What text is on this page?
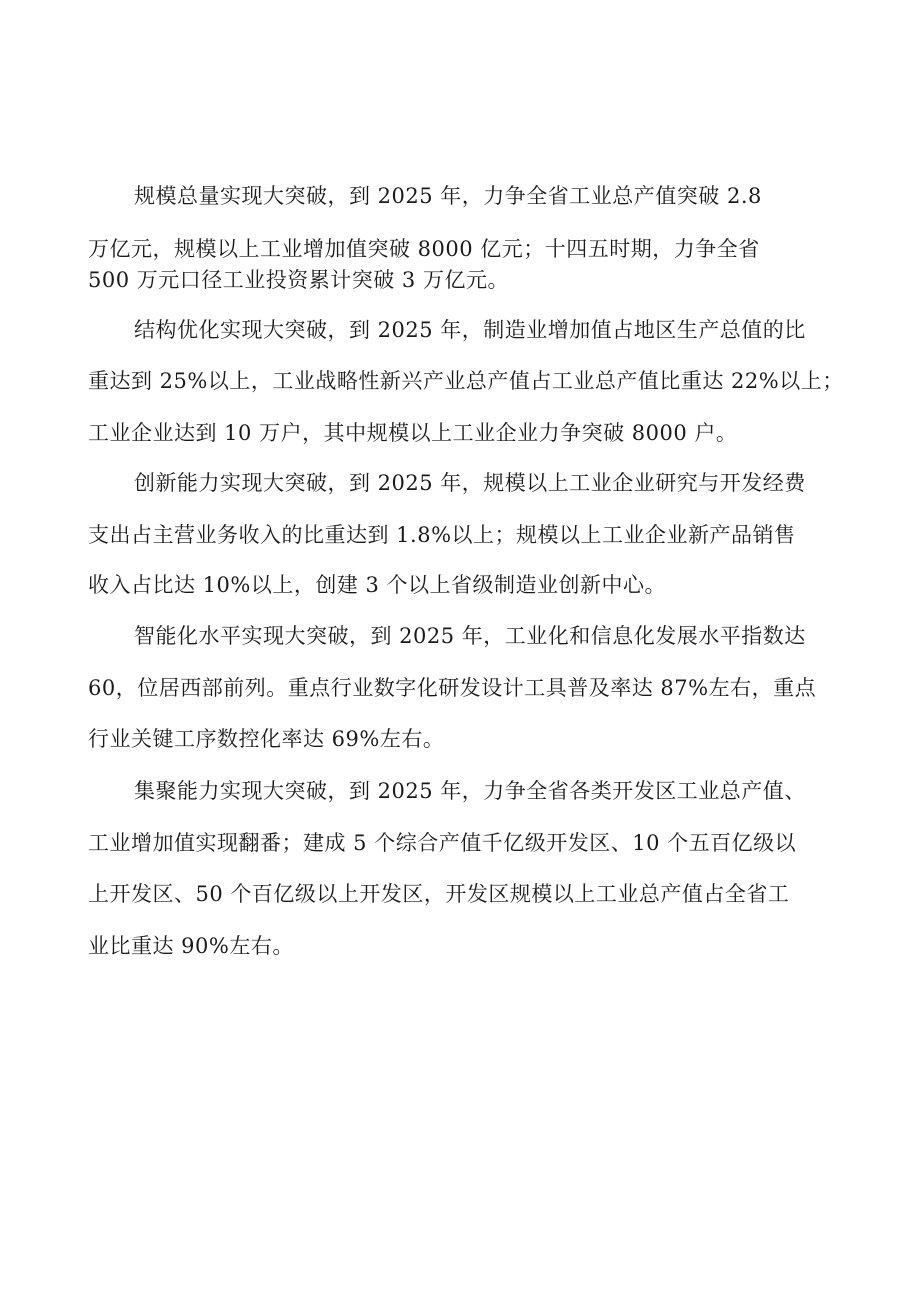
规模总量实现大突破，到 2025 年，力争全省工业总产值突破 2.8
万亿元，规模以上工业增加值突破 8000 亿元；十四五时期，力争全省
500 万元口径工业投资累计突破 3 万亿元。
结构优化实现大突破，到 2025 年，制造业增加值占地区生产总值的比
重达到 25%以上，工业战略性新兴产业总产值占工业总产值比重达 22%以上；
工业企业达到 10 万户，其中规模以上工业企业力争突破 8000 户。
创新能力实现大突破，到 2025 年，规模以上工业企业研究与开发经费
支出占主营业务收入的比重达到 1.8%以上；规模以上工业企业新产品销售
收入占比达 10%以上，创建 3 个以上省级制造业创新中心。
智能化水平实现大突破，到 2025 年，工业化和信息化发展水平指数达
60，位居西部前列。重点行业数字化研发设计工具普及率达 87%左右，重点
行业关键工序数控化率达 69%左右。
集聚能力实现大突破，到 2025 年，力争全省各类开发区工业总产值、
工业增加值实现翻番；建成 5 个综合产值千亿级开发区、10 个五百亿级以
上开发区、50 个百亿级以上开发区，开发区规模以上工业总产值占全省工
业比重达 90%左右。
